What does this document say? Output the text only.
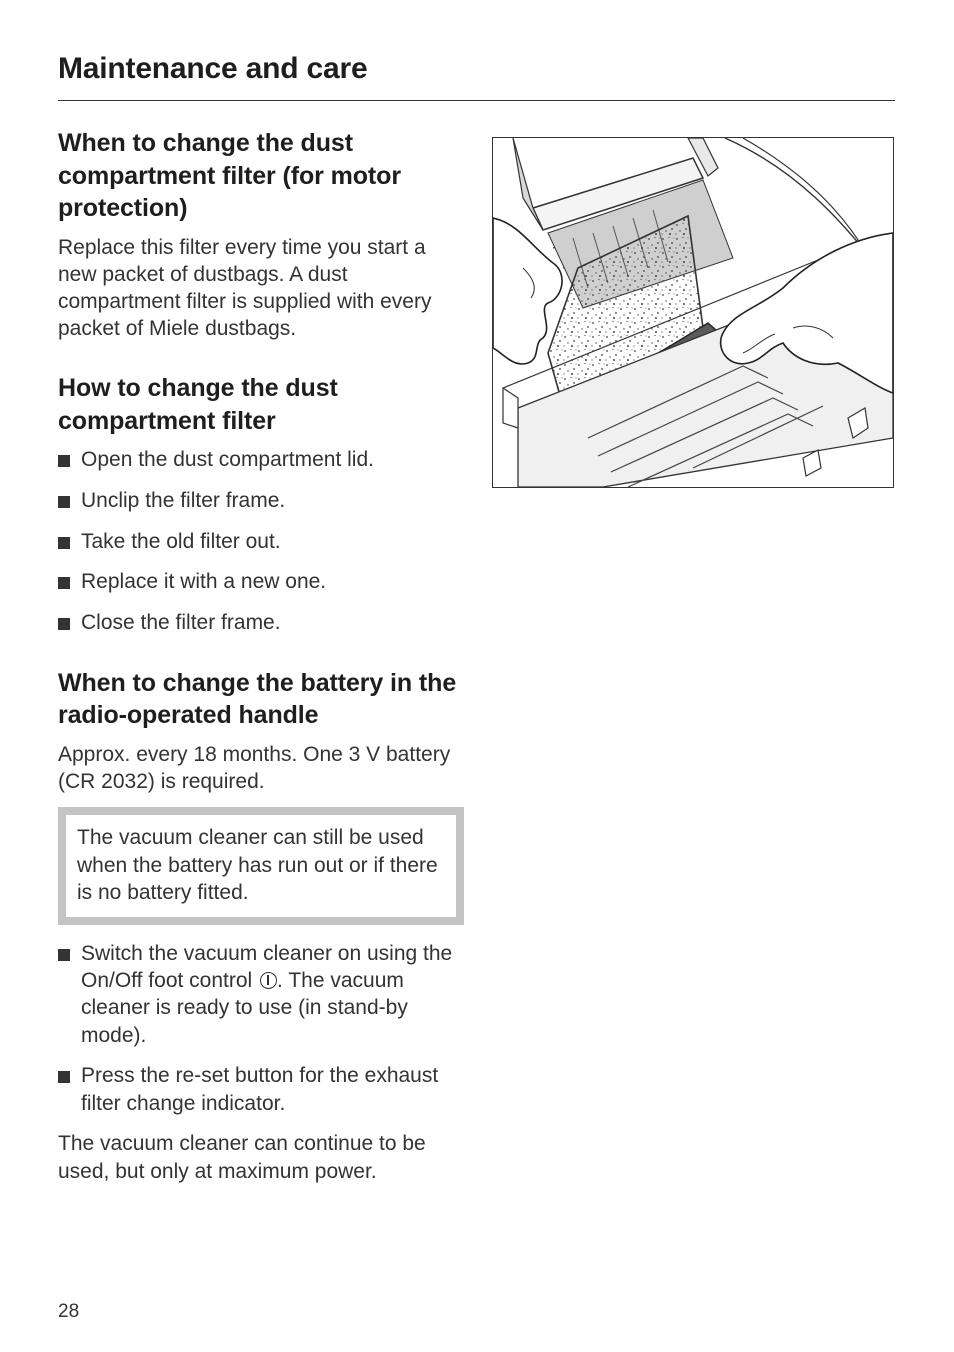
Maintenance and care
When to change the dust compartment filter (for motor protection)

Replace this filter every time you start a new packet of dustbags. A dust compartment filter is supplied with every packet of Miele dustbags.

How to change the dust compartment filter
Open the dust compartment lid.
Unclip the filter frame.
Take the old filter out.
Replace it with a new one.
Close the filter frame.
When to change the battery in the radio-operated handle

Approx. every 18 months. One 3 V battery (CR 2032) is required.

The vacuum cleaner can still be used when the battery has run out or if there is no battery fitted.

Switch the vacuum cleaner on using the On/Off foot control . The vacuum cleaner is ready to use (in stand-by mode).
Press the re-set button for the exhaust filter change indicator.

The vacuum cleaner can continue to be used, but only at maximum power.

28
